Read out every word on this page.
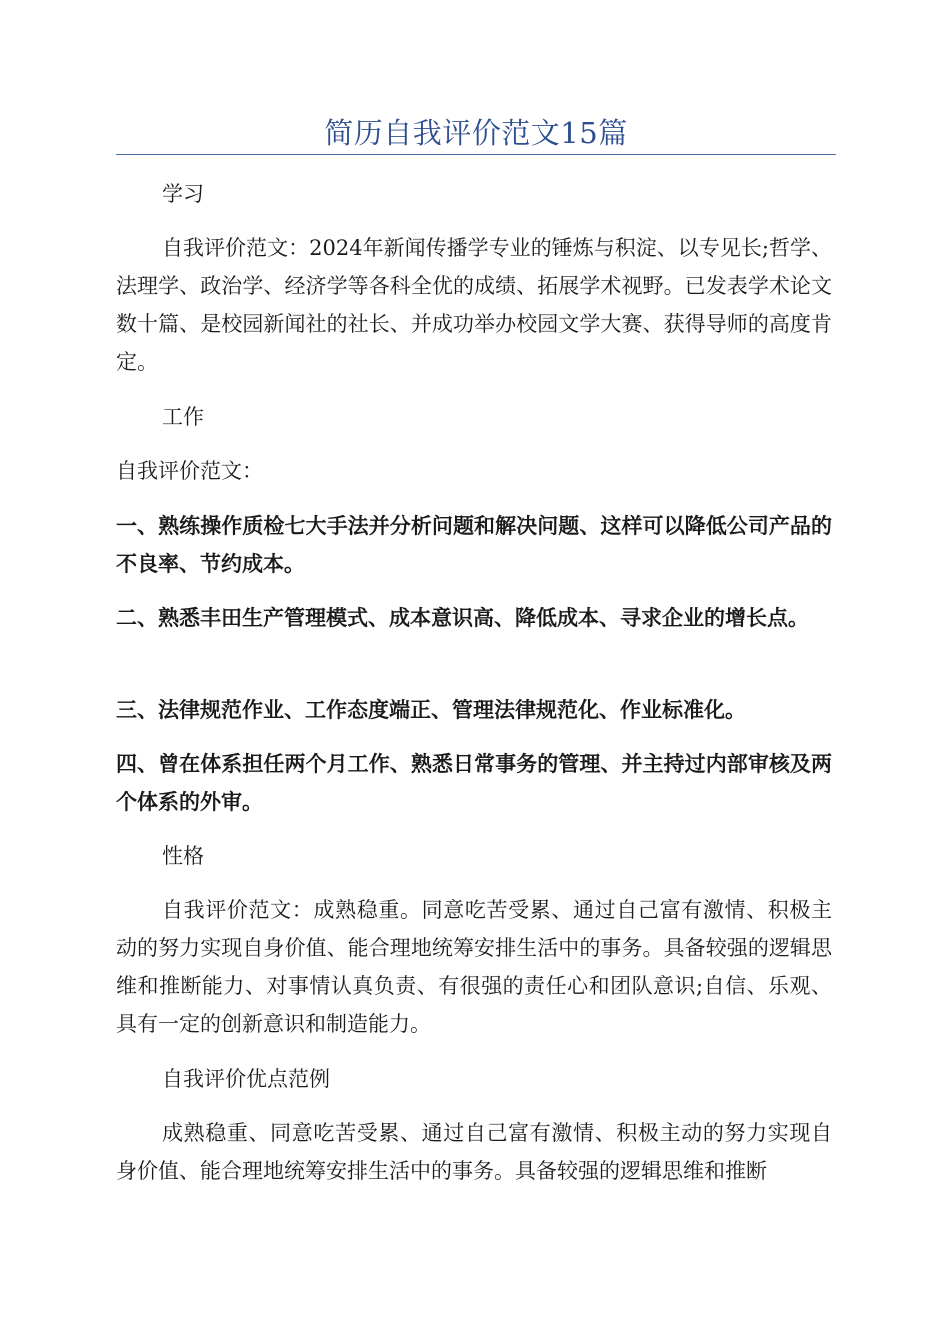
简历自我评价范文15篇

学习

自我评价范文：2024年新闻传播学专业的锤炼与积淀、以专见长;哲学、法理学、政治学、经济学等各科全优的成绩、拓展学术视野。已发表学术论文数十篇、是校园新闻社的社长、并成功举办校园文学大赛、获得导师的高度肯定。

工作

自我评价范文：

一、熟练操作质检七大手法并分析问题和解决问题、这样可以降低公司产品的不良率、节约成本。

二、熟悉丰田生产管理模式、成本意识高、降低成本、寻求企业的增长点。

三、法律规范作业、工作态度端正、管理法律规范化、作业标准化。

四、曾在体系担任两个月工作、熟悉日常事务的管理、并主持过内部审核及两个体系的外审。

性格

自我评价范文：成熟稳重。同意吃苦受累、通过自己富有激情、积极主动的努力实现自身价值、能合理地统筹安排生活中的事务。具备较强的逻辑思维和推断能力、对事情认真负责、有很强的责任心和团队意识;自信、乐观、具有一定的创新意识和制造能力。

自我评价优点范例

成熟稳重、同意吃苦受累、通过自己富有激情、积极主动的努力实现自身价值、能合理地统筹安排生活中的事务。具备较强的逻辑思维和推断
